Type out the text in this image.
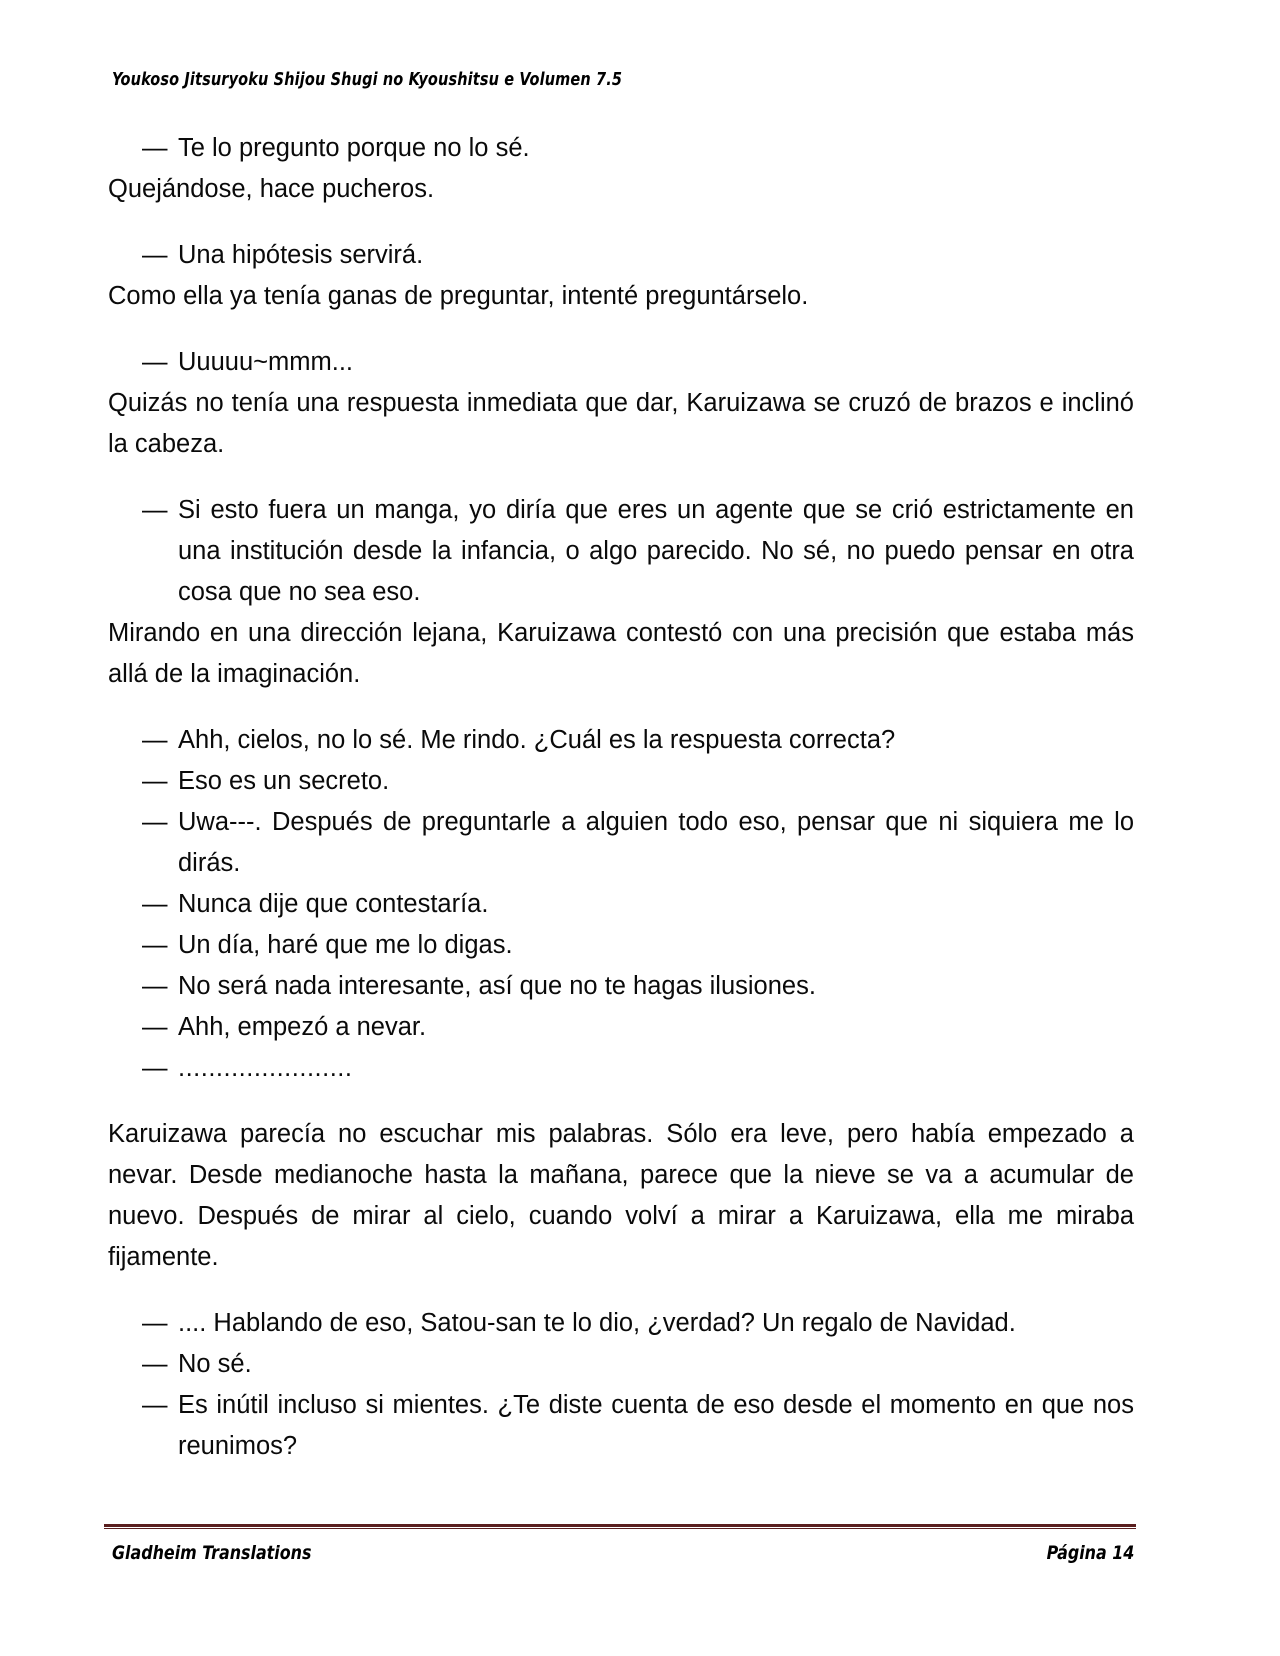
Youkoso Jitsuryoku Shijou Shugi no Kyoushitsu e Volumen 7.5

— Te lo pregunto porque no lo sé.

Quejándose, hace pucheros.

— Una hipótesis servirá.

Como ella ya tenía ganas de preguntar, intenté preguntárselo.

— Uuuuu~mmm...

Quizás no tenía una respuesta inmediata que dar, Karuizawa se cruzó de brazos e inclinó la cabeza.

— Si esto fuera un manga, yo diría que eres un agente que se crió estrictamente en una institución desde la infancia, o algo parecido. No sé, no puedo pensar en otra cosa que no sea eso.

Mirando en una dirección lejana, Karuizawa contestó con una precisión que estaba más allá de la imaginación.

— Ahh, cielos, no lo sé. Me rindo. ¿Cuál es la respuesta correcta?

— Eso es un secreto.

— Uwa---. Después de preguntarle a alguien todo eso, pensar que ni siquiera me lo dirás.

— Nunca dije que contestaría.

— Un día, haré que me lo digas.

— No será nada interesante, así que no te hagas ilusiones.

— Ahh, empezó a nevar.

— .......................

Karuizawa parecía no escuchar mis palabras. Sólo era leve, pero había empezado a nevar. Desde medianoche hasta la mañana, parece que la nieve se va a acumular de nuevo. Después de mirar al cielo, cuando volví a mirar a Karuizawa, ella me miraba fijamente.

— .... Hablando de eso, Satou-san te lo dio, ¿verdad? Un regalo de Navidad.

— No sé.

— Es inútil incluso si mientes. ¿Te diste cuenta de eso desde el momento en que nos reunimos?

Gladheim Translations	Página 14
